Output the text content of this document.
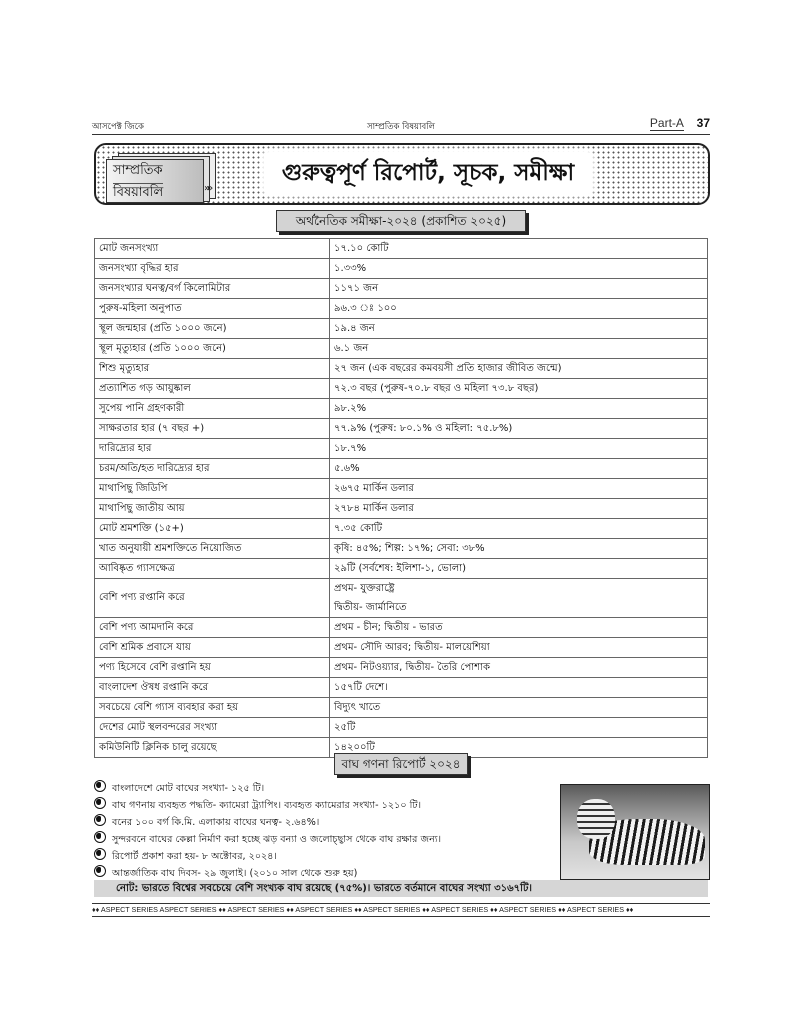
আসপেক্ট জিকে	সাম্প্রতিক বিষয়াবলি	Part-A 37
সাম্প্রতিক
বিষয়াবলি	»»
গুরুত্বপূর্ণ রিপোর্ট, সূচক, সমীক্ষা
অর্থনৈতিক সমীক্ষা-২০২৪ (প্রকাশিত ২০২৫)
মোট জনসংখ্যা	১৭.১০ কোটি

জনসংখ্যা বৃদ্ধির হার	১.৩৩%

জনসংখ্যার ঘনত্ব/বর্গ কিলোমিটার	১১৭১ জন

পুরুষ-মহিলা অনুপাত	৯৬.৩ ঃ ১০০

স্থূল জন্মহার (প্রতি ১০০০ জনে)	১৯.৪ জন

স্থূল মৃত্যুহার (প্রতি ১০০০ জনে)	৬.১ জন

শিশু মৃত্যুহার	২৭ জন (এক বছরের কমবয়সী প্রতি হাজার জীবিত জন্মে)

প্রত্যাশিত গড় আয়ুষ্কাল	৭২.৩ বছর (পুরুষ-৭০.৮ বছর ও মহিলা ৭৩.৮ বছর)

সুপেয় পানি গ্রহণকারী	৯৮.২%

সাক্ষরতার হার (৭ বছর +)	৭৭.৯% (পুরুষ: ৮০.১% ও মহিলা: ৭৫.৮%)

দারিদ্র্যের হার	১৮.৭%

চরম/অতি/হত দারিদ্র্যের হার	৫.৬%

মাথাপিছু জিডিপি	২৬৭৫ মার্কিন ডলার

মাথাপিছু জাতীয় আয়	২৭৮৪ মার্কিন ডলার

মোট শ্রমশক্তি (১৫+)	৭.৩৫ কোটি

খাত অনুযায়ী শ্রমশক্তিতে নিয়োজিত	কৃষি: ৪৫%; শিল্প: ১৭%; সেবা: ৩৮%

আবিষ্কৃত গ্যাসক্ষেত্র	২৯টি (সর্বশেষ: ইলিশা-১, ভোলা)

বেশি পণ্য রপ্তানি করে	প্রথম- যুক্তরাষ্ট্রে
দ্বিতীয়- জার্মানিতে

বেশি পণ্য আমদানি করে	প্রথম - চীন; দ্বিতীয় - ভারত

বেশি শ্রমিক প্রবাসে যায়	প্রথম- সৌদি আরব; দ্বিতীয়- মালয়েশিয়া

পণ্য হিসেবে বেশি রপ্তানি হয়	প্রথম- নিটওয়্যার, দ্বিতীয়- তৈরি পোশাক

বাংলাদেশ ঔষধ রপ্তানি করে	১৫৭টি দেশে।

সবচেয়ে বেশি গ্যাস ব্যবহার করা হয়	বিদ্যুৎ খাতে

দেশের মোট স্থলবন্দরের সংখ্যা	২৫টি

কমিউনিটি ক্লিনিক চালু রয়েছে	১৪২০০টি
বাঘ গণনা রিপোর্ট ২০২৪
বাংলাদেশে মোট বাঘের সংখ্যা- ১২৫ টি।
বাঘ গণনায় ব্যবহৃত পদ্ধতি- ক্যামেরা ট্র্যাপিং। ব্যবহৃত ক্যামেরার সংখ্যা- ১২১০ টি।
বনের ১০০ বর্গ কি.মি. এলাকায় বাঘের ঘনত্ব- ২.৬৪%।
সুন্দরবনে বাঘের কেল্লা নির্মাণ করা হচ্ছে ঝড় বন্যা ও জলোচ্ছ্বাস থেকে বাঘ রক্ষার জন্য।
রিপোর্ট প্রকাশ করা হয়- ৮ অক্টোবর, ২০২৪।
আন্তর্জাতিক বাঘ দিবস- ২৯ জুলাই। (২০১০ সাল থেকে শুরু হয়)
নোট: ভারতে বিশ্বের সবচেয়ে বেশি সংখ্যক বাঘ রয়েছে (৭৫%)। ভারতে বর্তমানে বাঘের সংখ্যা ৩১৬৭টি।
♦♦ ASPECT SERIES ASPECT SERIES ♦♦ ASPECT SERIES ♦♦ ASPECT SERIES ♦♦ ASPECT SERIES ♦♦ ASPECT SERIES ♦♦ ASPECT SERIES ♦♦ ASPECT SERIES ♦♦
